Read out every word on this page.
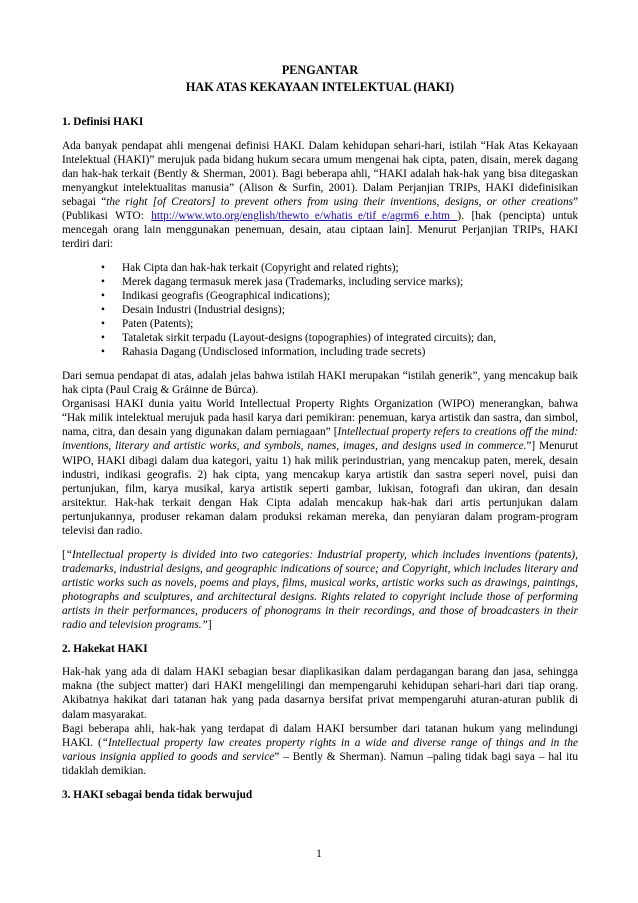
PENGANTAR
HAK ATAS KEKAYAAN INTELEKTUAL (HAKI)
1. Definisi HAKI

Ada banyak pendapat ahli mengenai definisi HAKI. Dalam kehidupan sehari-hari, istilah “Hak Atas Kekayaan Intelektual (HAKI)” merujuk pada bidang hukum secara umum mengenai hak cipta, paten, disain, merek dagang dan hak-hak terkait (Bently & Sherman, 2001). Bagi beberapa ahli, “HAKI adalah hak-hak yang bisa ditegaskan menyangkut intelektualitas manusia” (Alison & Surfin, 2001). Dalam Perjanjian TRIPs, HAKI didefinisikan sebagai “the right [of Creators] to prevent others from using their inventions, designs, or other creations” (Publikasi WTO: http://www.wto.org/english/thewto_e/whatis_e/tif_e/agrm6_e.htm ). [hak (pencipta) untuk mencegah orang lain menggunakan penemuan, desain, atau ciptaan lain]. Menurut Perjanjian TRIPs, HAKI terdiri dari:

• Hak Cipta dan hak-hak terkait (Copyright and related rights);
• Merek dagang termasuk merek jasa (Trademarks, including service marks);
• Indikasi geografis (Geographical indications);
• Desain Industri (Industrial designs);
• Paten (Patents);
• Tataletak sirkit terpadu (Layout-designs (topographies) of integrated circuits); dan,
• Rahasia Dagang (Undisclosed information, including trade secrets)

Dari semua pendapat di atas, adalah jelas bahwa istilah HAKI merupakan “istilah generik”, yang mencakup baik hak cipta (Paul Craig & Gráinne de Búrca).

Organisasi HAKI dunia yaitu World Intellectual Property Rights Organization (WIPO) menerangkan, bahwa “Hak milik intelektual merujuk pada hasil karya dari pemikiran: penemuan, karya artistik dan sastra, dan simbol, nama, citra, dan desain yang digunakan dalam perniagaan” [Intellectual property refers to creations off the mind: inventions, literary and artistic works, and symbols, names, images, and designs used in commerce.”] Menurut WIPO, HAKI dibagi dalam dua kategori, yaitu 1) hak milik perindustrian, yang mencakup paten, merek, desain industri, indikasi geografis. 2) hak cipta, yang mencakup karya artistik dan sastra seperi novel, puisi dan pertunjukan, film, karya musikal, karya artistik seperti gambar, lukisan, fotografi dan ukiran, dan desain arsitektur. Hak-hak terkait dengan Hak Cipta adalah mencakup hak-hak dari artis pertunjukan dalam pertunjukannya, produser rekaman dalam produksi rekaman mereka, dan penyiaran dalam program-program televisi dan radio.

[“Intellectual property is divided into two categories: Industrial property, which includes inventions (patents), trademarks, industrial designs, and geographic indications of source; and Copyright, which includes literary and artistic works such as novels, poems and plays, films, musical works, artistic works such as drawings, paintings, photographs and sculptures, and architectural designs. Rights related to copyright include those of performing artists in their performances, producers of phonograms in their recordings, and those of broadcasters in their radio and television programs.”]

2. Hakekat HAKI

Hak-hak yang ada di dalam HAKI sebagian besar diaplikasikan dalam perdagangan barang dan jasa, sehingga makna (the subject matter) dari HAKI mengelilingi dan mempengaruhi kehidupan sehari-hari dari tiap orang. Akibatnya hakikat dari tatanan hak yang pada dasarnya bersifat privat mempengaruhi aturan-aturan publik di dalam masyarakat.

Bagi beberapa ahli, hak-hak yang terdapat di dalam HAKI bersumber dari tatanan hukum yang melindungi HAKI. (“Intellectual property law creates property rights in a wide and diverse range of things and in the various insignia applied to goods and service” – Bently & Sherman). Namun –paling tidak bagi saya – hal itu tidaklah demikian.

3. HAKI sebagai benda tidak berwujud
1
